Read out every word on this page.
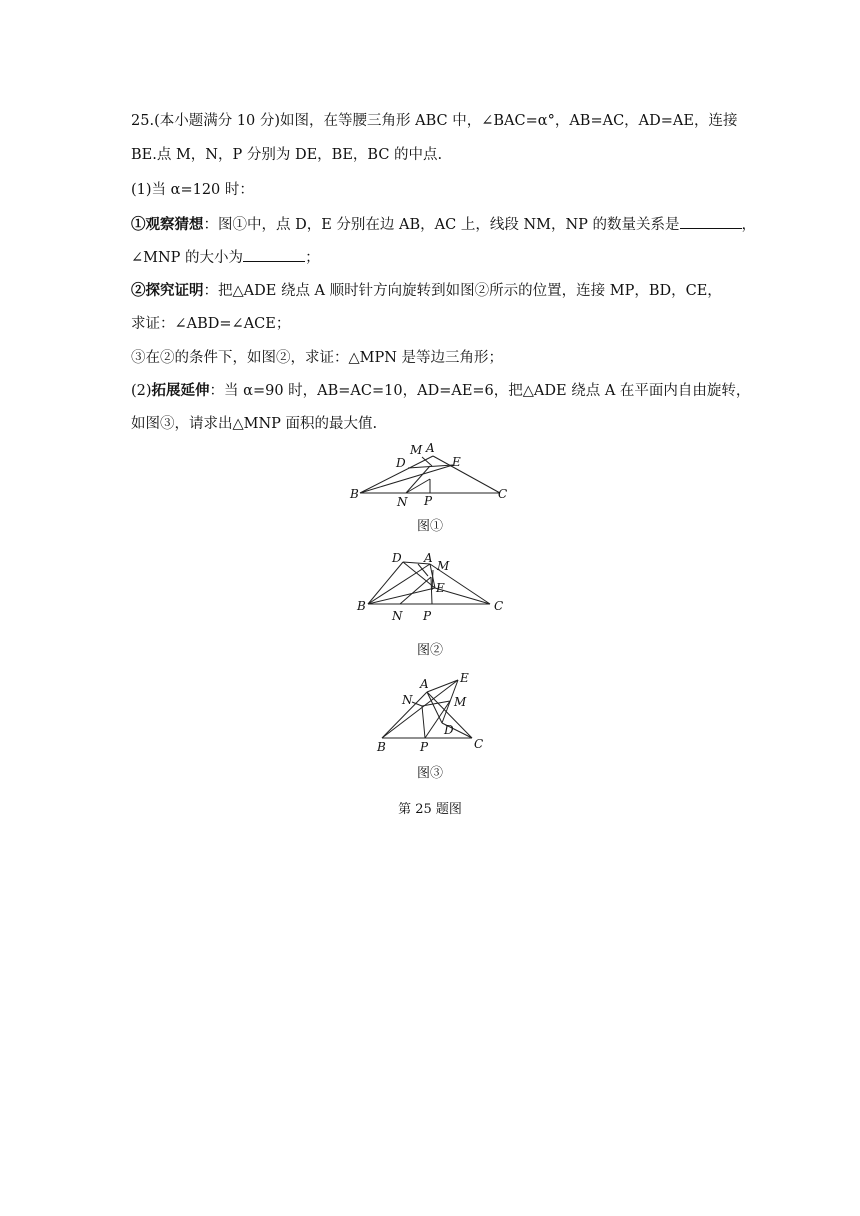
25.(本小题满分 10 分)如图，在等腰三角形 ABC 中，∠BAC=α°，AB=AC，AD=AE，连接
BE.点 M，N，P 分别为 DE，BE，BC 的中点.
(1)当 α=120 时：
①观察猜想：图①中，点 D，E 分别在边 AB，AC 上，线段 NM，NP 的数量关系是	，
∠MNP 的大小为	；
②探究证明：把△ADE 绕点 A 顺时针方向旋转到如图②所示的位置，连接 MP，BD，CE，
求证：∠ABD=∠ACE；
③在②的条件下，如图②，求证：△MPN 是等边三角形；
(2)拓展延伸：当 α=90 时，AB=AC=10，AD=AE=6，把△ADE 绕点 A 在平面内自由旋转，
如图③，请求出△MNP 面积的最大值.
M A
D	E
B
N P	C
图①
D A
M
E
B
N P
C
图②
A	E
N	M
D
B	P	C
图③
第 25 题图
